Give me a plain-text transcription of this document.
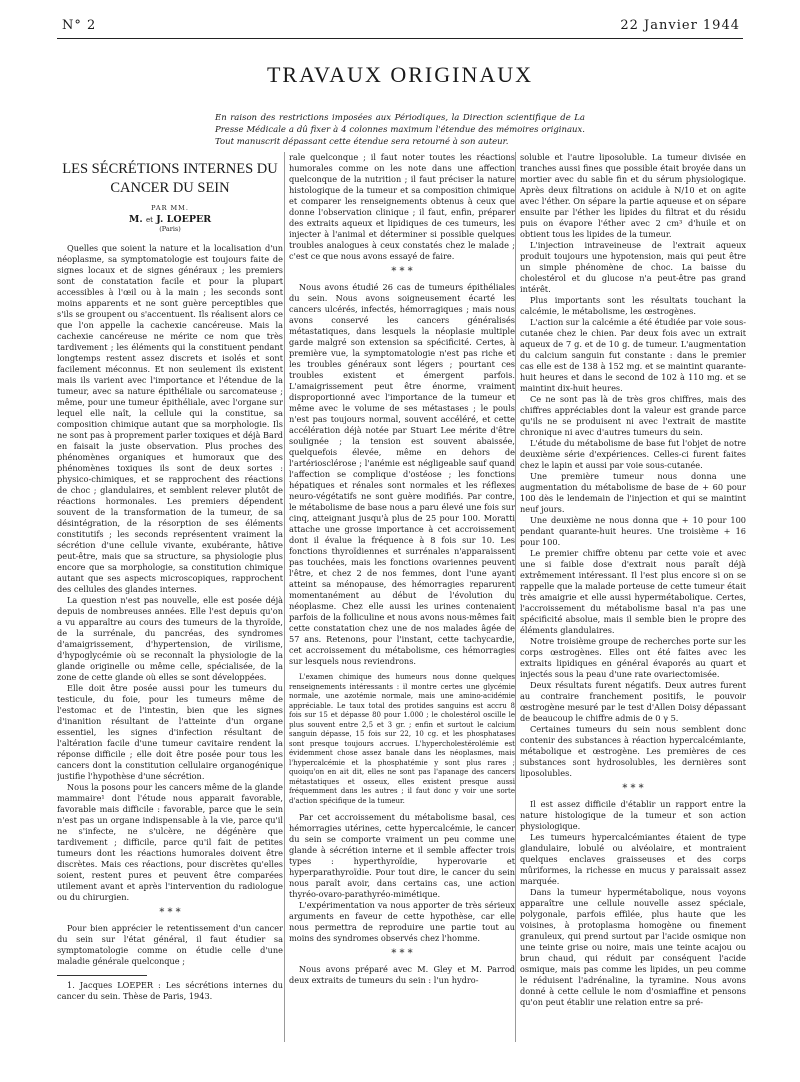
N° 2	22 Janvier 1944
TRAVAUX ORIGINAUX
En raison des restrictions imposées aux Périodiques, la Direction scientifique de La Presse Médicale a dû fixer à 4 colonnes maximum l'étendue des mémoires originaux. Tout manuscrit dépassant cette étendue sera retourné à son auteur.
LES SÉCRÉTIONS INTERNES DU CANCER DU SEIN
PAR MM.
M. et J. LOEPER
(Paris)

Quelles que soient la nature et la localisation d'un néoplasme, sa symptomatologie est toujours faite de signes locaux et de signes généraux ; les premiers sont de constatation facile et pour la plupart accessibles à l'œil ou à la main ; les seconds sont moins apparents et ne sont guère perceptibles que s'ils se groupent ou s'accentuent. Ils réalisent alors ce que l'on appelle la cachexie cancéreuse. Mais la cachexie cancéreuse ne mérite ce nom que très tardivement ; les éléments qui la constituent pendant longtemps restent assez discrets et isolés et sont facilement méconnus. Et non seulement ils existent mais ils varient avec l'importance et l'étendue de la tumeur, avec sa nature épithéliale ou sarcomateuse ; même, pour une tumeur épithéliale, avec l'organe sur lequel elle naît, la cellule qui la constitue, sa composition chimique autant que sa morphologie. Ils ne sont pas à proprement parler toxiques et déjà Bard en faisait la juste observation. Plus proches des phénomènes organiques et humoraux que des phénomènes toxiques ils sont de deux sortes : physico-chimiques, et se rapprochent des réactions de choc ; glandulaires, et semblent relever plutôt de réactions hormonales. Les premiers dépendent souvent de la transformation de la tumeur, de sa désintégration, de la résorption de ses éléments constitutifs ; les seconds représentent vraiment la sécrétion d'une cellule vivante, exubérante, hâtive peut-être, mais que sa structure, sa physiologie plus encore que sa morphologie, sa constitution chimique autant que ses aspects microscopiques, rapprochent des cellules des glandes internes.

La question n'est pas nouvelle, elle est posée déjà depuis de nombreuses années. Elle l'est depuis qu'on a vu apparaître au cours des tumeurs de la thyroïde, de la surrénale, du pancréas, des syndromes d'amaigrissement, d'hypertension, de virilisme, d'hypoglycémie où se reconnaît la physiologie de la glande originelle ou même celle, spécialisée, de la zone de cette glande où elles se sont développées.

Elle doit être posée aussi pour les tumeurs du testicule, du foie, pour les tumeurs même de l'estomac et de l'intestin, bien que les signes d'inanition résultant de l'atteinte d'un organe essentiel, les signes d'infection résultant de l'altération facile d'une tumeur cavitaire rendent la réponse difficile ; elle doit être posée pour tous les cancers dont la constitution cellulaire organogénique justifie l'hypothèse d'une sécrétion.

Nous la posons pour les cancers même de la glande mammaire¹ dont l'étude nous apparait favorable, favorable mais difficile : favorable, parce que le sein n'est pas un organe indispensable à la vie, parce qu'il ne s'infecte, ne s'ulcère, ne dégénère que tardivement ; difficile, parce qu'il fait de petites tumeurs dont les réactions humorales doivent être discrètes. Mais ces réactions, pour discrètes qu'elles soient, restent pures et peuvent être comparées utilement avant et après l'intervention du radiologue ou du chirurgien.

* * *

Pour bien apprécier le retentissement d'un cancer du sein sur l'état général, il faut étudier sa symptomatologie comme on étudie celle d'une maladie générale quelconque ;

1. Jacques LOEPER : Les sécrétions internes du cancer du sein. Thèse de Paris, 1943.

rale quelconque ; il faut noter toutes les réactions humorales comme on les note dans une affection quelconque de la nutrition ; il faut préciser la nature histologique de la tumeur et sa composition chimique et comparer les renseignements obtenus à ceux que donne l'observation clinique ; il faut, enfin, préparer des extraits aqueux et lipidiques de ces tumeurs, les injecter à l'animal et déterminer si possible quelques troubles analogues à ceux constatés chez le malade ; c'est ce que nous avons essayé de faire.

* * *

Nous avons étudié 26 cas de tumeurs épithéliales du sein. Nous avons soigneusement écarté les cancers ulcérés, infectés, hémorragiques ; mais nous avons conservé les cancers généralisés métastatiques, dans lesquels la néoplasie multiple garde malgré son extension sa spécificité. Certes, à première vue, la symptomatologie n'est pas riche et les troubles généraux sont légers ; pourtant ces troubles existent et émergent parfois. L'amaigrissement peut être énorme, vraiment disproportionné avec l'importance de la tumeur et même avec le volume de ses métastases ; le pouls n'est pas toujours normal, souvent accéléré, et cette accélération déjà notée par Stuart Lee mérite d'être soulignée ; la tension est souvent abaissée, quelquefois élevée, même en dehors de l'artériosclérose ; l'anémie est négligeable sauf quand l'affection se complique d'ostéose ; les fonctions hépatiques et rénales sont normales et les réflexes neuro-végétatifs ne sont guère modifiés. Par contre, le métabolisme de base nous a paru élevé une fois sur cinq, atteignant jusqu'à plus de 25 pour 100. Moratti attache une grosse importance à cet accroissement dont il évalue la fréquence à 8 fois sur 10. Les fonctions thyroïdiennes et surrénales n'apparaissent pas touchées, mais les fonctions ovariennes peuvent l'être, et chez 2 de nos femmes, dont l'une ayant atteint sa ménopause, des hémorragies reparurent momentanément au début de l'évolution du néoplasme. Chez elle aussi les urines contenaient parfois de la folliculine et nous avons nous-mêmes fait cette constatation chez une de nos malades âgée de 57 ans. Retenons, pour l'instant, cette tachycardie, cet accroissement du métabolisme, ces hémorragies sur lesquels nous reviendrons.

L'examen chimique des humeurs nous donne quelques renseignements intéressants : il montre certes une glycémie normale, une azotémie normale, mais une amino-acidémie appréciable. Le taux total des protides sanguins est accru 8 fois sur 15 et dépasse 80 pour 1.000 ; le cholestérol oscille le plus souvent entre 2,5 et 3 gr. ; enfin et surtout le calcium sanguin dépasse, 15 fois sur 22, 10 cg. et les phosphatases sont presque toujours accrues. L'hypercholestérolémie est évidemment chose assez banale dans les néoplasmes, mais l'hypercalcémie et la phosphatémie y sont plus rares ; quoiqu'on en ait dit, elles ne sont pas l'apanage des cancers métastatiques et osseux, elles existent presque aussi fréquemment dans les autres ; il faut donc y voir une sorte d'action spécifique de la tumeur.

Par cet accroissement du métabolisme basal, ces hémorragies utérines, cette hypercalcémie, le cancer du sein se comporte vraiment un peu comme une glande à sécrétion interne et il semble affecter trois types : hyperthyroïdie, hyperovarie et hyperparathyroïdie. Pour tout dire, le cancer du sein nous paraît avoir, dans certains cas, une action thyréo-ovaro-parathyréo-mimétique.

L'expérimentation va nous apporter de très sérieux arguments en faveur de cette hypothèse, car elle nous permettra de reproduire une partie tout au moins des syndromes observés chez l'homme.

* * *

Nous avons préparé avec M. Gley et M. Parrod deux extraits de tumeurs du sein : l'un hydro-

soluble et l'autre liposoluble. La tumeur divisée en tranches aussi fines que possible était broyée dans un mortier avec du sable fin et du sérum physiologique. Après deux filtrations on acidule à N/10 et on agite avec l'éther. On sépare la partie aqueuse et on sépare ensuite par l'éther les lipides du filtrat et du résidu puis on évapore l'éther avec 2 cm³ d'huile et on obtient tous les lipides de la tumeur.

L'injection intraveineuse de l'extrait aqueux produit toujours une hypotension, mais qui peut être un simple phénomène de choc. La baisse du cholestérol et du glucose n'a peut-être pas grand intérêt.

Plus importants sont les résultats touchant la calcémie, le métabolisme, les œstrogènes.

L'action sur la calcémie a été étudiée par voie sous-cutanée chez le chien. Par deux fois avec un extrait aqueux de 7 g. et de 10 g. de tumeur. L'augmentation du calcium sanguin fut constante : dans le premier cas elle est de 138 à 152 mg. et se maintint quarante-huit heures et dans le second de 102 à 110 mg. et se maintint dix-huit heures.

Ce ne sont pas là de très gros chiffres, mais des chiffres appréciables dont la valeur est grande parce qu'ils ne se produisent ni avec l'extrait de mastite chronique ni avec d'autres tumeurs du sein.

L'étude du métabolisme de base fut l'objet de notre deuxième série d'expériences. Celles-ci furent faites chez le lapin et aussi par voie sous-cutanée.

Une première tumeur nous donna une augmentation du métabolisme de base de + 60 pour 100 dès le lendemain de l'injection et qui se maintint neuf jours.

Une deuxième ne nous donna que + 10 pour 100 pendant quarante-huit heures. Une troisième + 16 pour 100.

Le premier chiffre obtenu par cette voie et avec une si faible dose d'extrait nous paraît déjà extrêmement intéressant. Il l'est plus encore si on se rappelle que la malade porteuse de cette tumeur était très amaigrie et elle aussi hypermétabolique. Certes, l'accroissement du métabolisme basal n'a pas une spécificité absolue, mais il semble bien le propre des éléments glandulaires.

Notre troisième groupe de recherches porte sur les corps œstrogènes. Elles ont été faites avec les extraits lipidiques en général évaporés au quart et injectés sous la peau d'une rate ovariectomisée.

Deux résultats furent négatifs. Deux autres furent au contraire franchement positifs, le pouvoir œstrogène mesuré par le test d'Allen Doisy dépassant de beaucoup le chiffre admis de 0 γ 5.

Certaines tumeurs du sein nous semblent donc contenir des substances à réaction hypercalcémiante, métabolique et œstrogène. Les premières de ces substances sont hydrosolubles, les dernières sont liposolubles.

* * *

Il est assez difficile d'établir un rapport entre la nature histologique de la tumeur et son action physiologique.

Les tumeurs hypercalcémiantes étaient de type glandulaire, lobulé ou alvéolaire, et montraient quelques enclaves graisseuses et des corps mûriformes, la richesse en mucus y paraissait assez marquée.

Dans la tumeur hypermétabolique, nous voyons apparaître une cellule nouvelle assez spéciale, polygonale, parfois effilée, plus haute que les voisines, à protoplasma homogène ou finement granuleux, qui prend surtout par l'acide osmique non une teinte grise ou noire, mais une teinte acajou ou brun chaud, qui réduit par conséquent l'acide osmique, mais pas comme les lipides, un peu comme le réduisent l'adrénaline, la tyramine. Nous avons donné à cette cellule le nom d'osmiaffine et pensons qu'on peut établir une relation entre sa pré-
